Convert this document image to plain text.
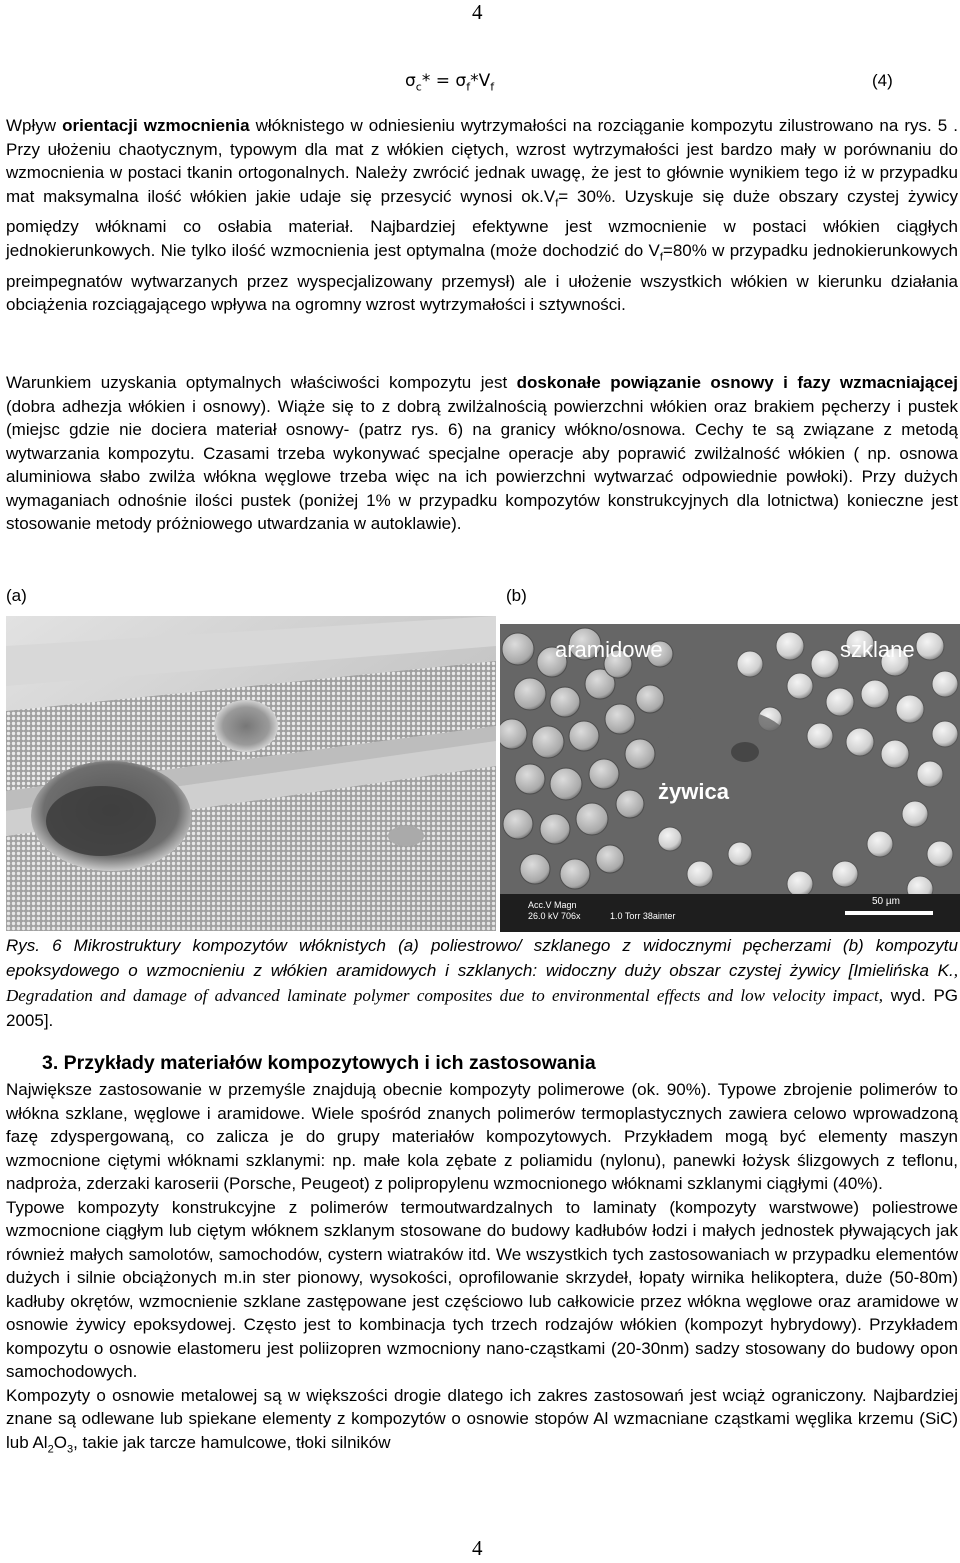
4
$\sigma_c* = \sigma_f*V_f$	(4)

Wpływ orientacji wzmocnienia włóknistego w odniesieniu wytrzymałości na rozciąganie kompozytu zilustrowano na rys. 5 . Przy ułożeniu chaotycznym, typowym dla mat z włókien ciętych, wzrost wytrzymałości jest bardzo mały w porównaniu do wzmocnienia w postaci tkanin ortogonalnych. Należy zwrócić jednak uwagę, że jest to głównie wynikiem tego iż w przypadku mat maksymalna ilość włókien jakie udaje się przesycić wynosi $ok.V_f= 30\%$. Uzyskuje się duże obszary czystej żywicy pomiędzy włóknami co osłabia materiał. Najbardziej efektywne jest wzmocnienie w postaci włókien ciągłych jednokierunkowych. Nie tylko ilość wzmocnienia jest optymalna (może dochodzić do $V_f=80\%$ w przypadku jednokierunkowych preimpegnatów wytwarzanych przez wyspecjalizowany przemysł) ale i ułożenie wszystkich włókien w kierunku działania obciążenia rozciągającego wpływa na ogromny wzrost wytrzymałości i sztywności.

Warunkiem uzyskania optymalnych właściwości kompozytu jest doskonałe powiązanie osnowy i fazy wzmacniającej (dobra adhezja włókien i osnowy). Wiąże się to z dobrą zwilżalnością powierzchni włókien oraz brakiem pęcherzy i pustek (miejsc gdzie nie dociera materiał osnowy- (patrz rys. 6) na granicy włókno/osnowa. Cechy te są związane z metodą wytwarzania kompozytu. Czasami trzeba wykonywać specjalne operacje aby poprawić zwilżalność włókien ( np. osnowa aluminiowa słabo zwilża włókna węglowe trzeba więc na ich powierzchni wytwarzać odpowiednie powłoki). Przy dużych wymaganiach odnośnie ilości pustek (poniżej 1% w przypadku kompozytów konstrukcyjnych dla lotnictwa) konieczne jest stosowanie metody próżniowego utwardzania w autoklawie).

(a)	(b)
aramidowe	szklane
żywica
Acc.V Magn
26.0 kV 706x	1.0 Torr 38ainter
50 µm
Rys. 6 Mikrostruktury kompozytów włóknistych (a) poliestrowo/ szklanego z widocznymi pęcherzami (b) kompozytu epoksydowego o wzmocnieniu z włókien aramidowych i szklanych: widoczny duży obszar czystej żywicy [Imielińska K., Degradation and damage of advanced laminate polymer composites due to environmental effects and low velocity impact, wyd. PG 2005].
3. Przykłady materiałów kompozytowych i ich zastosowania

Największe zastosowanie w przemyśle znajdują obecnie kompozyty polimerowe (ok. 90%). Typowe zbrojenie polimerów to włókna szklane, węglowe i aramidowe. Wiele spośród znanych polimerów termoplastycznych zawiera celowo wprowadzoną fazę zdyspergowaną, co zalicza je do grupy materiałów kompozytowych. Przykładem mogą być elementy maszyn wzmocnione ciętymi włóknami szklanymi: np. małe kola zębate z poliamidu (nylonu), panewki łożysk ślizgowych z teflonu, nadproża, zderzaki karoserii (Porsche, Peugeot) z polipropylenu wzmocnionego włóknami szklanymi ciągłymi (40%).

Typowe kompozyty konstrukcyjne z polimerów termoutwardzalnych to laminaty (kompozyty warstwowe) poliestrowe wzmocnione ciągłym lub ciętym włóknem szklanym stosowane do budowy kadłubów łodzi i małych jednostek pływających jak również małych samolotów, samochodów, cystern wiatraków itd. We wszystkich tych zastosowaniach w przypadku elementów dużych i silnie obciążonych m.in ster pionowy, wysokości, oprofilowanie skrzydeł, łopaty wirnika helikoptera, duże (50-80m) kadłuby okrętów, wzmocnienie szklane zastępowane jest częściowo lub całkowicie przez włókna węglowe oraz aramidowe w osnowie żywicy epoksydowej. Często jest to kombinacja tych trzech rodzajów włókien (kompozyt hybrydowy). Przykładem kompozytu o osnowie elastomeru jest poliizopren wzmocniony nano-cząstkami (20-30nm) sadzy stosowany do budowy opon samochodowych.

Kompozyty o osnowie metalowej są w większości drogie dlatego ich zakres zastosowań jest wciąż ograniczony. Najbardziej znane są odlewane lub spiekane elementy z kompozytów o osnowie stopów Al wzmacniane cząstkami węglika krzemu (SiC) lub $Al_2O_3$, takie jak tarcze hamulcowe, tłoki silników

4
